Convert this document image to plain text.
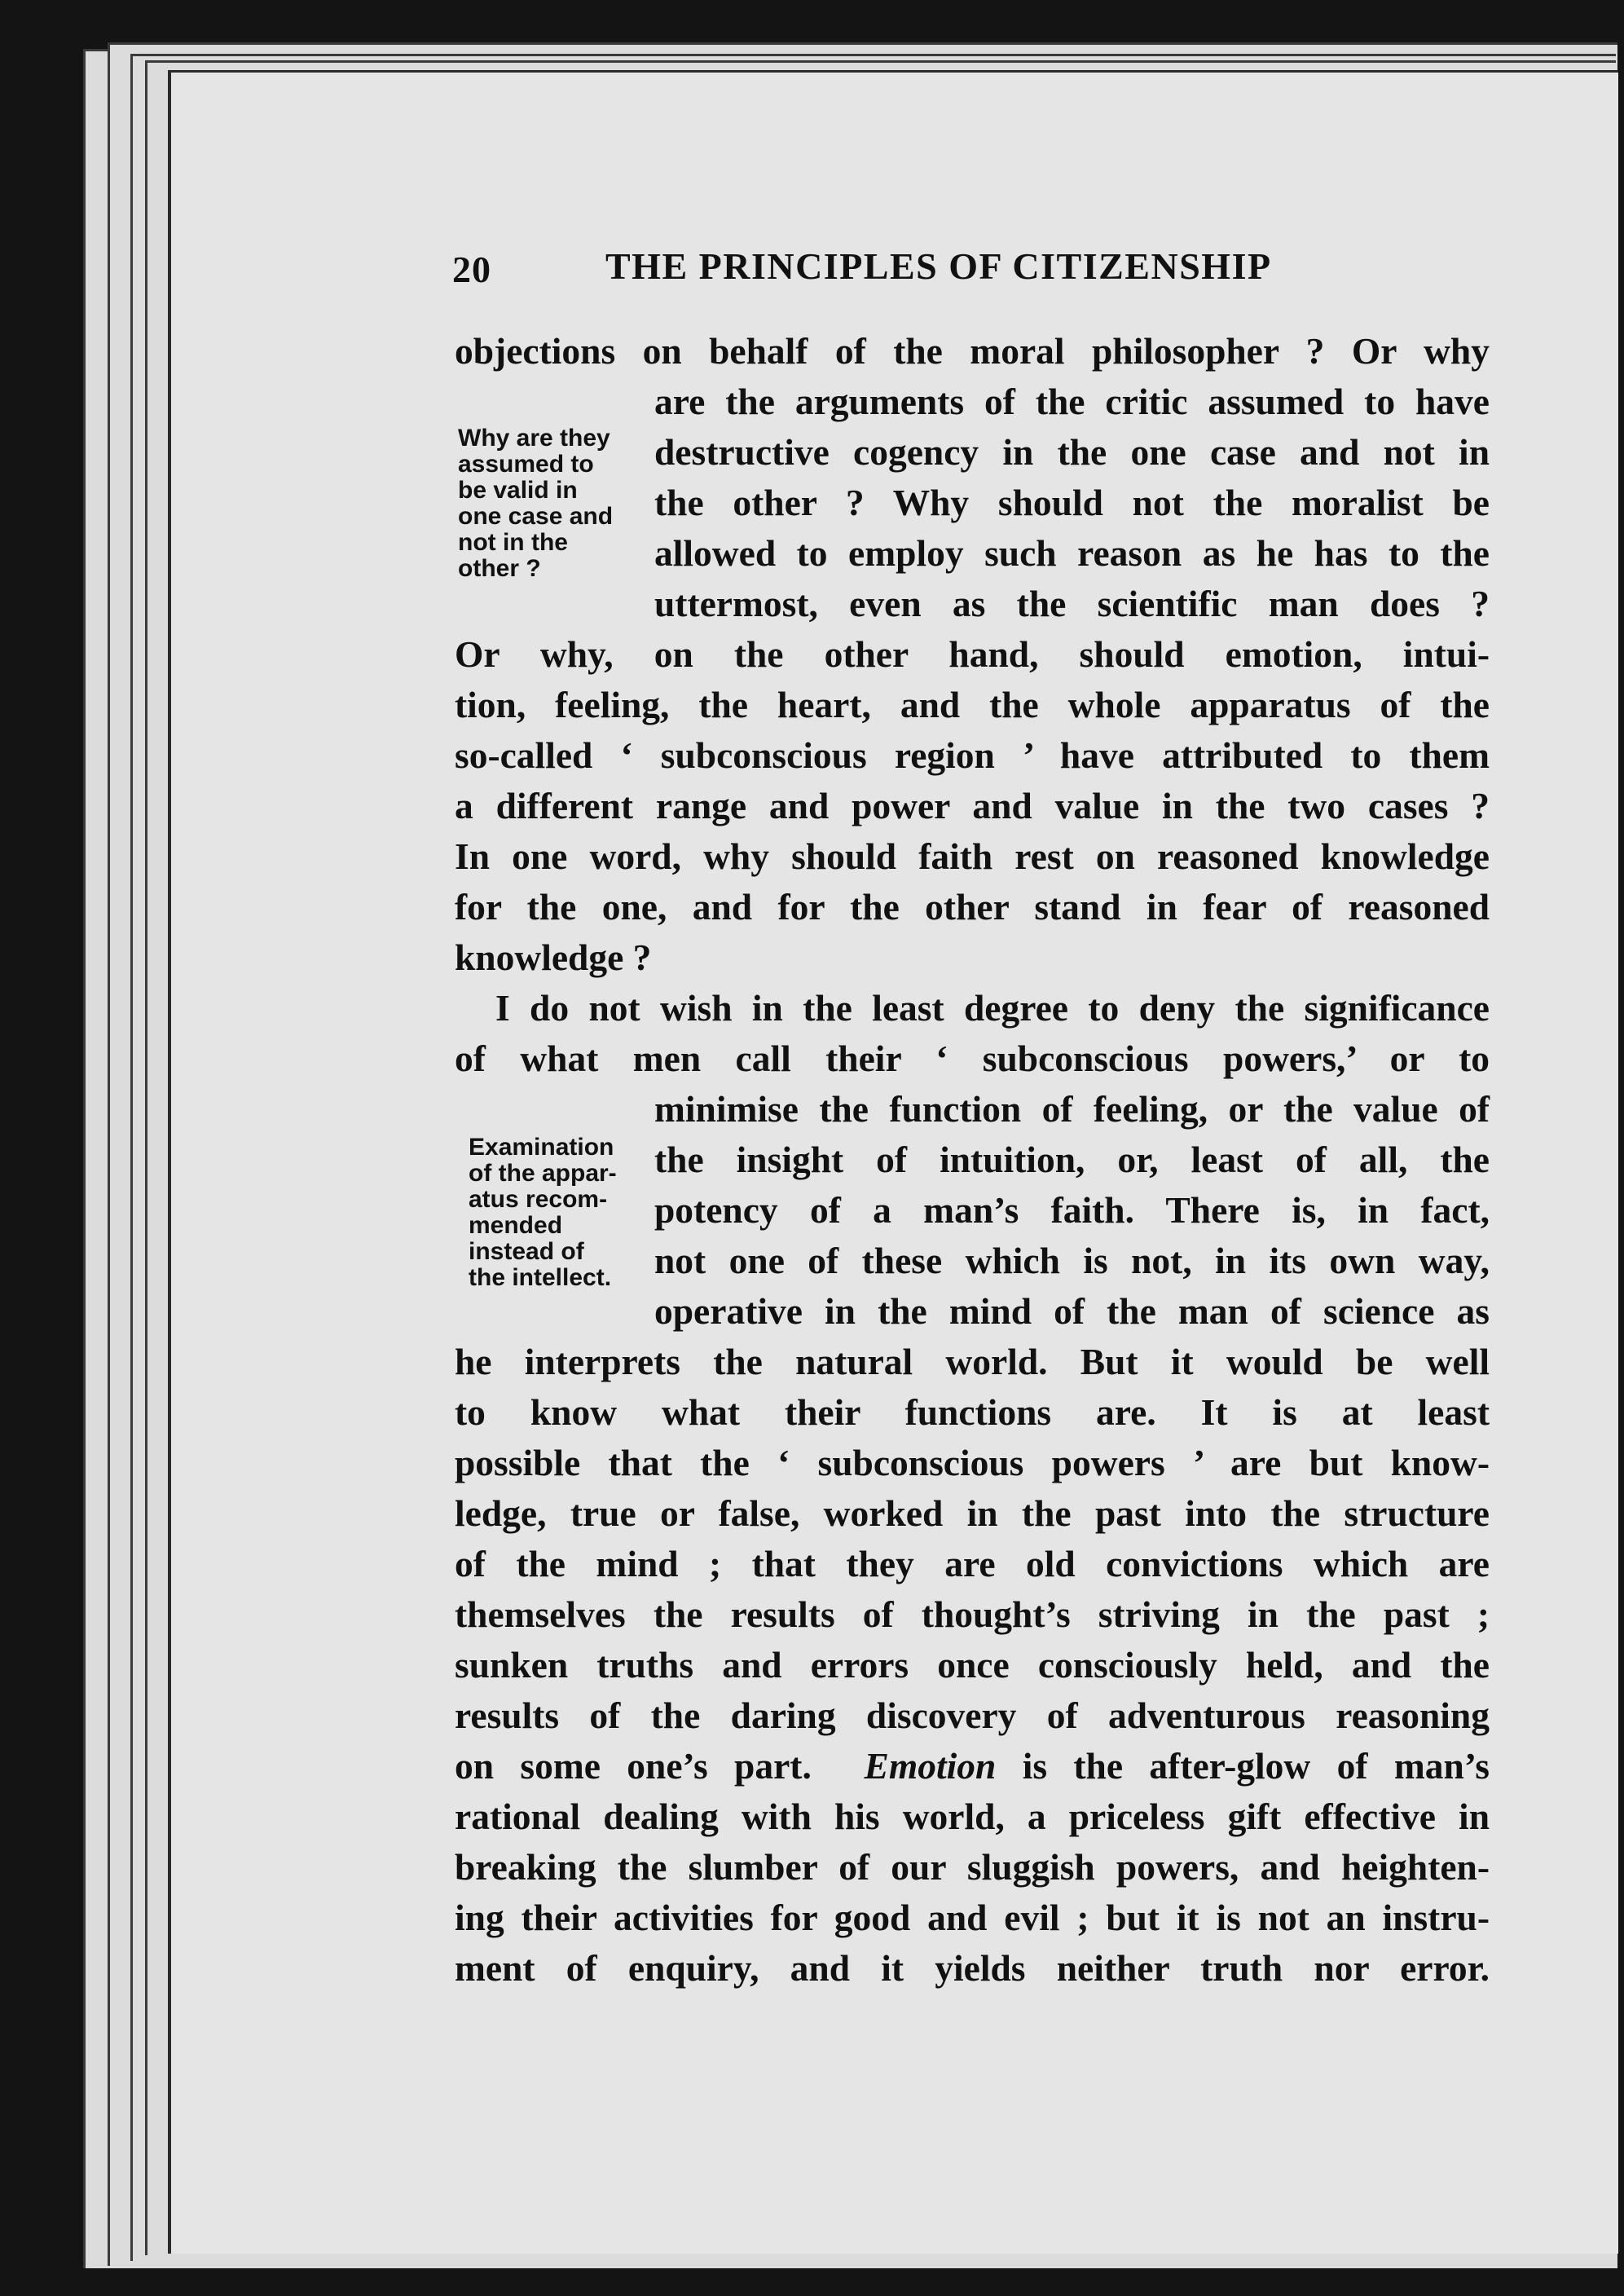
20	THE PRINCIPLES OF CITIZENSHIP
Why are they
assumed to
be valid in
one case and
not in the
other ?
Examination
of the appar-
atus recom-
mended
instead of
the intellect.
objections on behalf of the moral philosopher ? Or why
are the arguments of the critic assumed to have
destructive cogency in the one case and not in
the other ? Why should not the moralist be
allowed to employ such reason as he has to the
uttermost, even as the scientific man does ?
Or why, on the other hand, should emotion, intui-
tion, feeling, the heart, and the whole apparatus of the
so-called ‘ subconscious region ’ have attributed to them
a different range and power and value in the two cases ?
In one word, why should faith rest on reasoned knowledge
for the one, and for the other stand in fear of reasoned
knowledge ?
I do not wish in the least degree to deny the significance
of what men call their ‘ subconscious powers,’ or to
minimise the function of feeling, or the value of
the insight of intuition, or, least of all, the
potency of a man’s faith. There is, in fact,
not one of these which is not, in its own way,
operative in the mind of the man of science as
he interprets the natural world. But it would be well
to know what their functions are. It is at least
possible that the ‘ subconscious powers ’ are but know-
ledge, true or false, worked in the past into the structure
of the mind ; that they are old convictions which are
themselves the results of thought’s striving in the past ;
sunken truths and errors once consciously held, and the
results of the daring discovery of adventurous reasoning
on some one’s part. Emotion is the after-glow of man’s
rational dealing with his world, a priceless gift effective in
breaking the slumber of our sluggish powers, and heighten-
ing their activities for good and evil ; but it is not an instru-
ment of enquiry, and it yields neither truth nor error.
